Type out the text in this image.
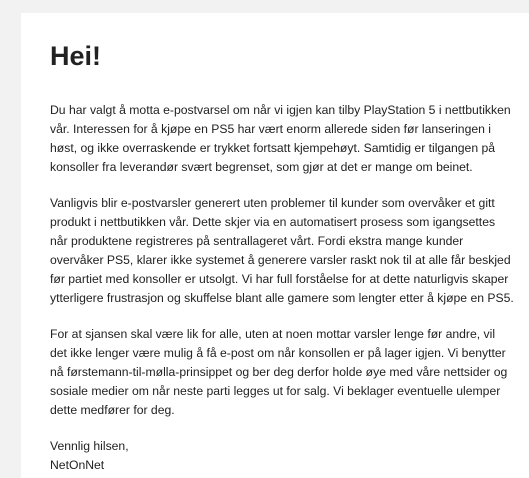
Hei!

Du har valgt å motta e-postvarsel om når vi igjen kan tilby PlayStation 5 i nettbutikken vår. Interessen for å kjøpe en PS5 har vært enorm allerede siden før lanseringen i høst, og ikke overraskende er trykket fortsatt kjempehøyt. Samtidig er tilgangen på konsoller fra leverandør svært begrenset, som gjør at det er mange om beinet.

Vanligvis blir e-postvarsler generert uten problemer til kunder som overvåker et gitt produkt i nettbutikken vår. Dette skjer via en automatisert prosess som igangsettes når produktene registreres på sentrallageret vårt. Fordi ekstra mange kunder overvåker PS5, klarer ikke systemet å generere varsler raskt nok til at alle får beskjed før partiet med konsoller er utsolgt. Vi har full forståelse for at dette naturligvis skaper ytterligere frustrasjon og skuffelse blant alle gamere som lengter etter å kjøpe en PS5.

For at sjansen skal være lik for alle, uten at noen mottar varsler lenge før andre, vil det ikke lenger være mulig å få e-post om når konsollen er på lager igjen. Vi benytter nå førstemann-til-mølla-prinsippet og ber deg derfor holde øye med våre nettsider og sosiale medier om når neste parti legges ut for salg. Vi beklager eventuelle ulemper dette medfører for deg.

Vennlig hilsen,

NetOnNet
